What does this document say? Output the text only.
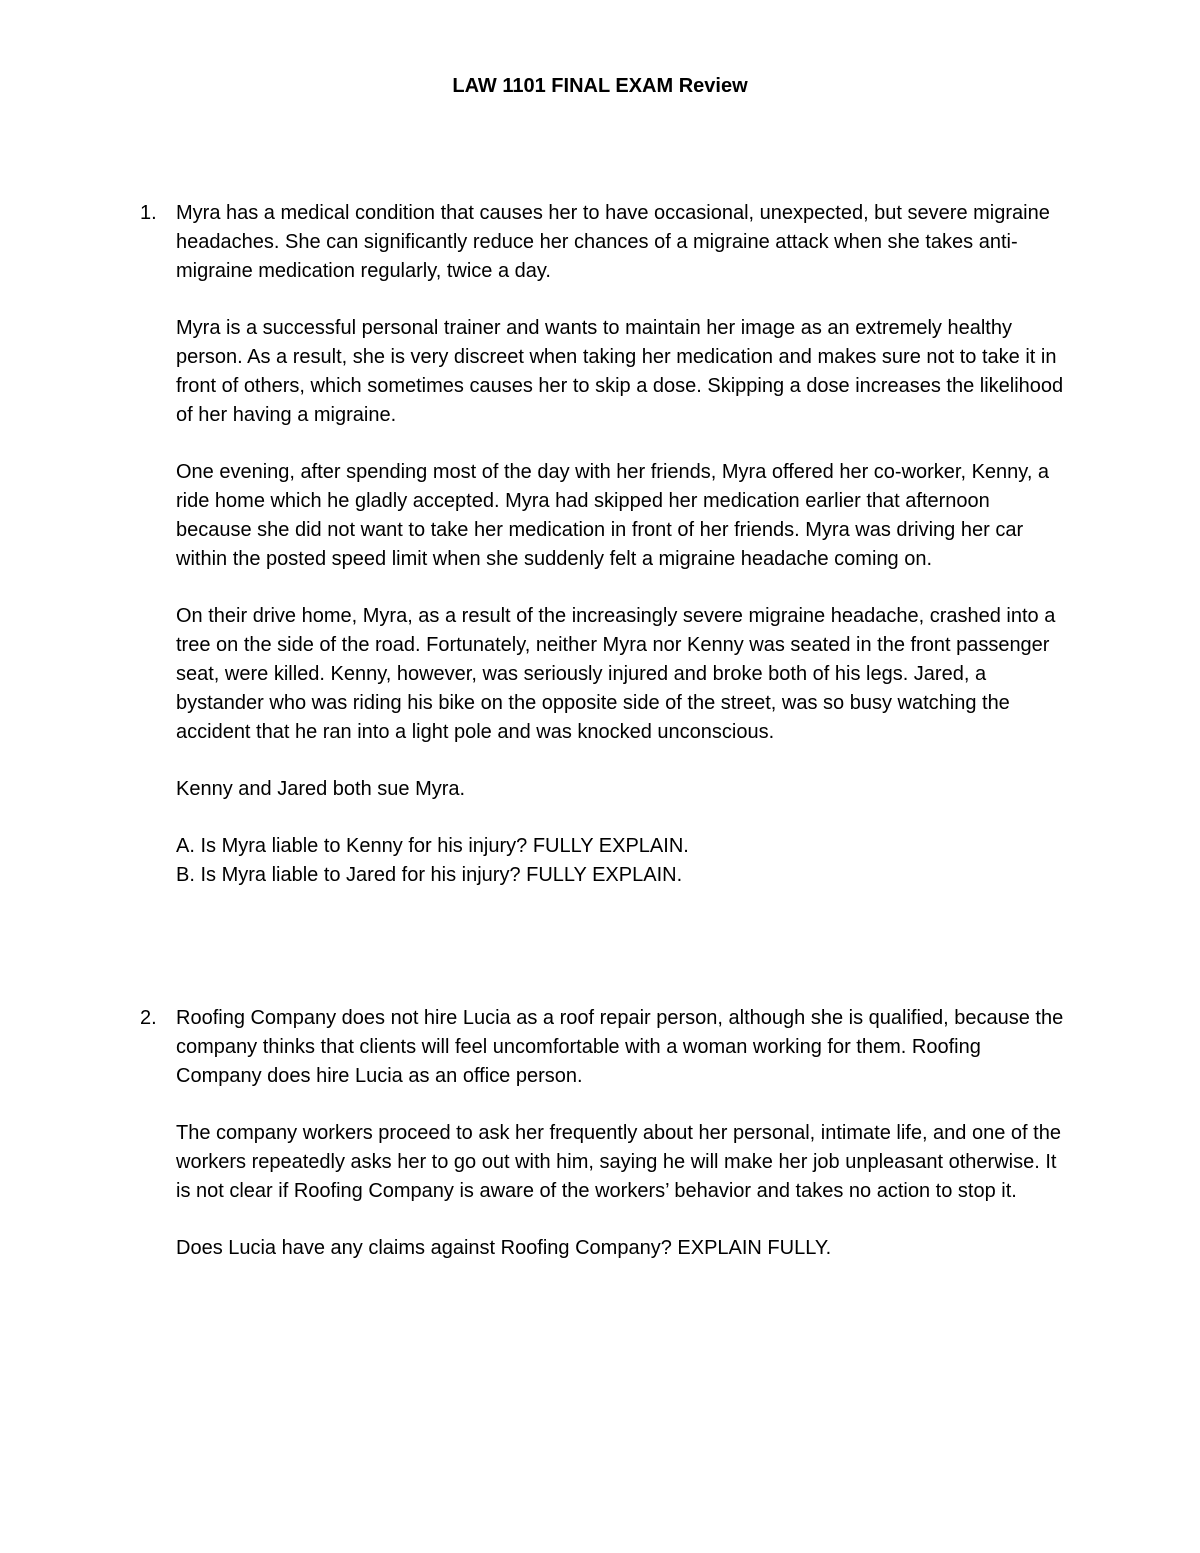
LAW 1101 FINAL EXAM Review
1. Myra has a medical condition that causes her to have occasional, unexpected, but severe migraine headaches. She can significantly reduce her chances of a migraine attack when she takes anti-migraine medication regularly, twice a day.

Myra is a successful personal trainer and wants to maintain her image as an extremely healthy person. As a result, she is very discreet when taking her medication and makes sure not to take it in front of others, which sometimes causes her to skip a dose. Skipping a dose increases the likelihood of her having a migraine.

One evening, after spending most of the day with her friends, Myra offered her co-worker, Kenny, a ride home which he gladly accepted. Myra had skipped her medication earlier that afternoon because she did not want to take her medication in front of her friends. Myra was driving her car within the posted speed limit when she suddenly felt a migraine headache coming on.

On their drive home, Myra, as a result of the increasingly severe migraine headache, crashed into a tree on the side of the road. Fortunately, neither Myra nor Kenny was seated in the front passenger seat, were killed. Kenny, however, was seriously injured and broke both of his legs. Jared, a bystander who was riding his bike on the opposite side of the street, was so busy watching the accident that he ran into a light pole and was knocked unconscious.

Kenny and Jared both sue Myra.

A. Is Myra liable to Kenny for his injury? FULLY EXPLAIN.

B. Is Myra liable to Jared for his injury? FULLY EXPLAIN.

2. Roofing Company does not hire Lucia as a roof repair person, although she is qualified, because the company thinks that clients will feel uncomfortable with a woman working for them. Roofing Company does hire Lucia as an office person.

The company workers proceed to ask her frequently about her personal, intimate life, and one of the workers repeatedly asks her to go out with him, saying he will make her job unpleasant otherwise. It is not clear if Roofing Company is aware of the workers’ behavior and takes no action to stop it.

Does Lucia have any claims against Roofing Company? EXPLAIN FULLY.
